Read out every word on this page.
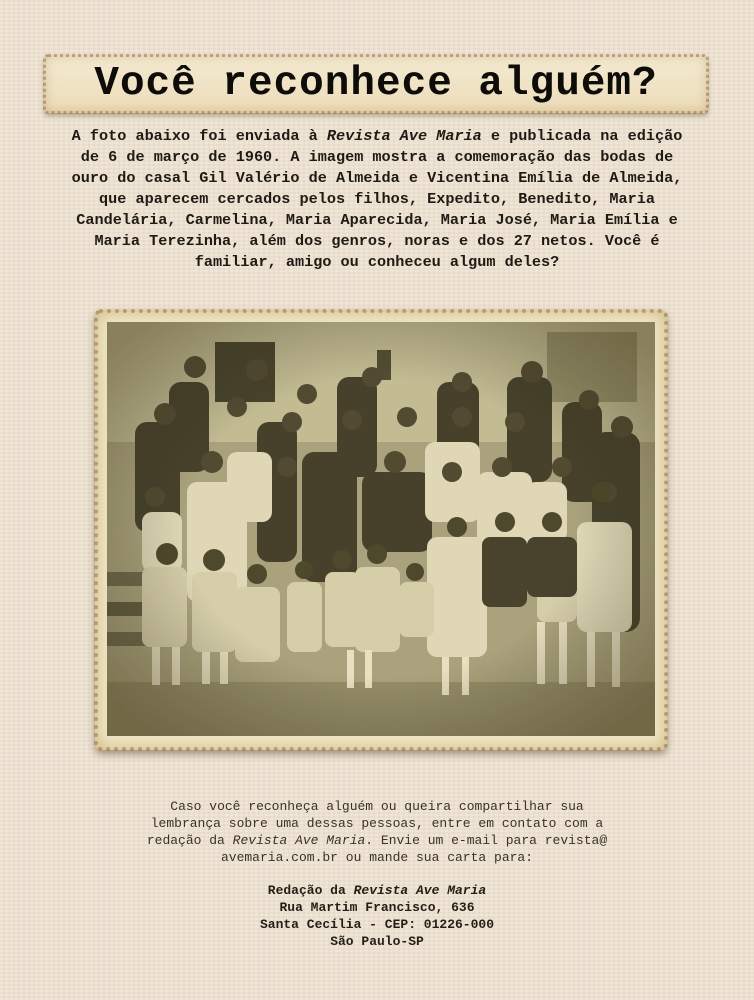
Você reconhece alguém?

A foto abaixo foi enviada à Revista Ave Maria e publicada na edição de 6 de março de 1960. A imagem mostra a comemoração das bodas de ouro do casal Gil Valério de Almeida e Vicentina Emília de Almeida, que aparecem cercados pelos filhos, Expedito, Benedito, Maria Candelária, Carmelina, Maria Aparecida, Maria José, Maria Emília e Maria Terezinha, além dos genros, noras e dos 27 netos. Você é familiar, amigo ou conheceu algum deles?

Caso você reconheça alguém ou queira compartilhar sua
lembrança sobre uma dessas pessoas, entre em contato com a
redação da Revista Ave Maria. Envie um e-mail para revista@
avemaria.com.br ou mande sua carta para:
Redação da Revista Ave Maria
Rua Martim Francisco, 636
Santa Cecília - CEP: 01226-000
São Paulo-SP
